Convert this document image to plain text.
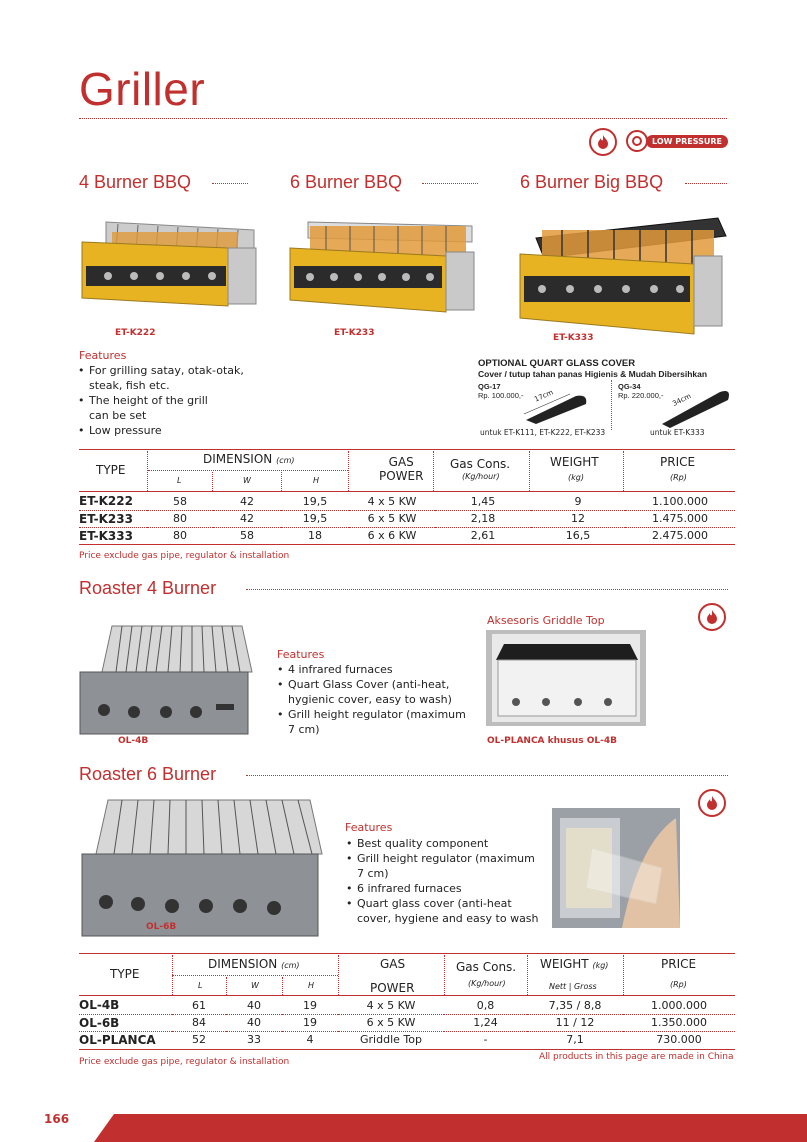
Griller
LOW PRESSURE
4 Burner BBQ	6 Burner BBQ	6 Burner Big BBQ
ET-K222	ET-K233	ET-K333
Features
• For grilling satay, otak-otak,
steak, fish etc.
• The height of the grill
can be set
• Low pressure
OPTIONAL QUART GLASS COVER
Cover / tutup tahan panas Higienis & Mudah Dibersihkan
QG-17
Rp. 100.000,- 17cm
QG-34
Rp. 220.000,- 34cm
untuk ET-K111, ET-K222, ET-K233	untuk ET-K333
TYPE
DIMENSION (cm)
L	W	H
GAS
POWER
Gas Cons.
(Kg/hour)
WEIGHT
(kg)
PRICE
(Rp)
ET-K222	58	42	19,5	4 x 5 KW	1,45	9	1.100.000
ET-K233	80	42	19,5	6 x 5 KW	2,18	12	1.475.000
ET-K333	80	58	18	6 x 6 KW	2,61	16,5	2.475.000
Price exclude gas pipe, regulator & installation
Roaster 4 Burner
OL-4B
Features
• 4 infrared furnaces
• Quart Glass Cover (anti-heat,
hygienic cover, easy to wash)
• Grill height regulator (maximum
7 cm)
Aksesoris Griddle Top
OL-PLANCA khusus OL-4B
Roaster 6 Burner
OL-6B
Features
• Best quality component
• Grill height regulator (maximum
7 cm)
• 6 infrared furnaces
• Quart glass cover (anti-heat
cover, hygiene and easy to wash
TYPE
DIMENSION (cm)
L	W	H
GAS
POWER
Gas Cons.
(Kg/hour)
WEIGHT (kg)
Nett | Gross
PRICE
(Rp)
OL-4B	61	40	19	4 x 5 KW	0,8	7,35 / 8,8	1.000.000
OL-6B	84	40	19	6 x 5 KW	1,24	11 / 12	1.350.000
OL-PLANCA	52	33	4	Griddle Top	-	7,1	730.000
Price exclude gas pipe, regulator & installation	All products in this page are made in China
166
